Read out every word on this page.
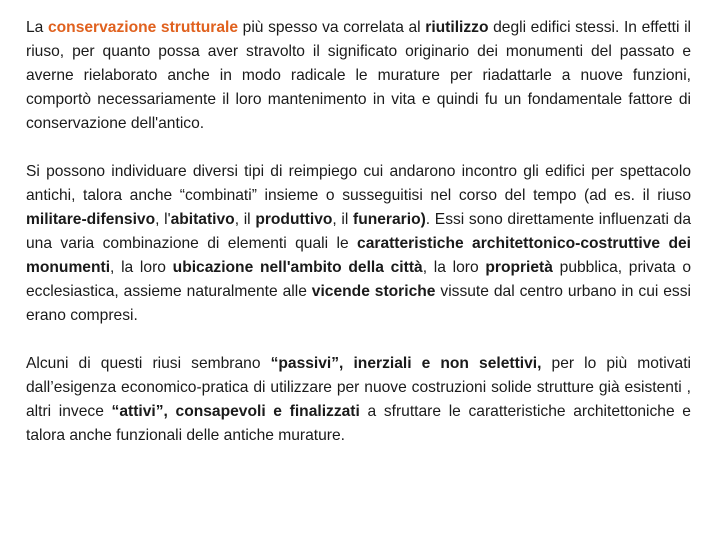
La conservazione strutturale più spesso va correlata al riutilizzo degli edifici stessi. In effetti il riuso, per quanto possa aver stravolto il significato originario dei monumenti del passato e averne rielaborato anche in modo radicale le murature per riadattarle a nuove funzioni, comportò necessariamente il loro mantenimento in vita e quindi fu un fondamentale fattore di conservazione dell'antico.

Si possono individuare diversi tipi di reimpiego cui andarono incontro gli edifici per spettacolo antichi, talora anche “combinati” insieme o susseguitisi nel corso del tempo (ad es. il riuso militare-difensivo, l'abitativo, il produttivo, il funerario). Essi sono direttamente influenzati da una varia combinazione di elementi quali le caratteristiche architettonico-costruttive dei monumenti, la loro ubicazione nell'ambito della città, la loro proprietà pubblica, privata o ecclesiastica, assieme naturalmente alle vicende storiche vissute dal centro urbano in cui essi erano compresi.

Alcuni di questi riusi sembrano “passivi”, inerziali e non selettivi, per lo più motivati dall’esigenza economico-pratica di utilizzare per nuove costruzioni solide strutture già esistenti , altri invece “attivi”, consapevoli e finalizzati a sfruttare le caratteristiche architettoniche e talora anche funzionali delle antiche murature.
